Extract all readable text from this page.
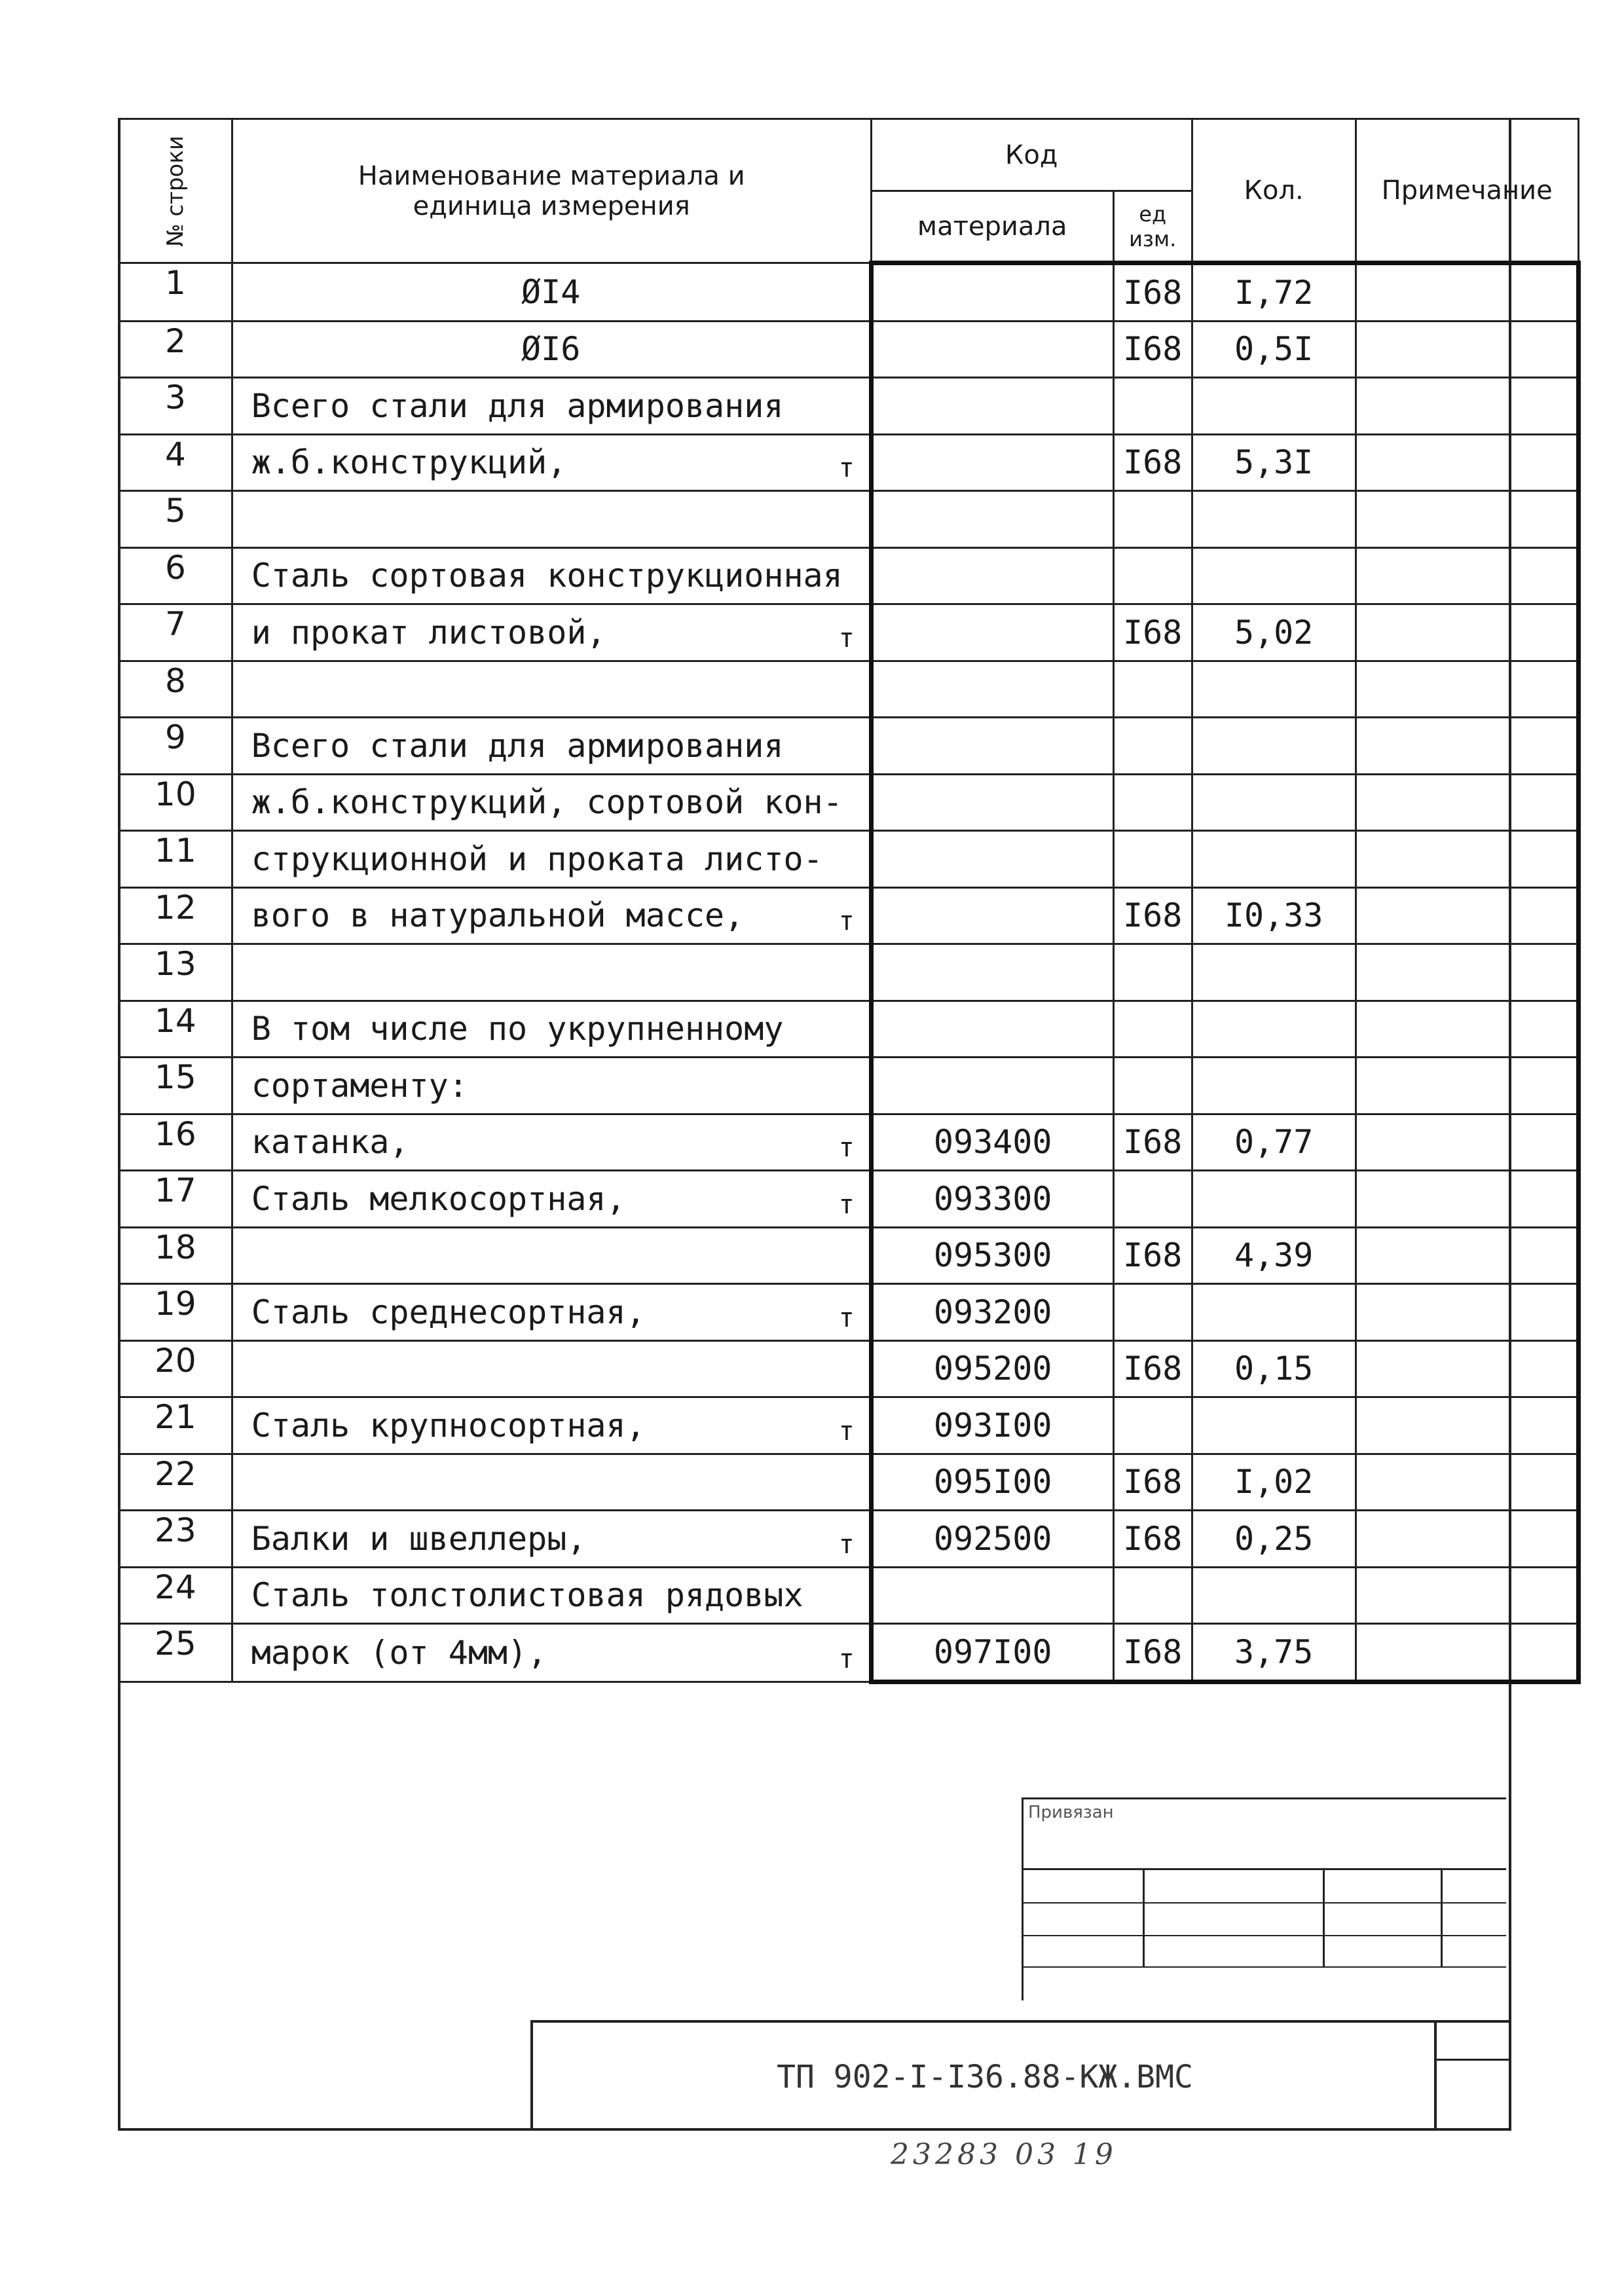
№ строки	Наименование материала и единица измерения	Код		Кол.	Примечание
		материала	ед изм.		
1	ØI4		I68	I,72	
2	ØI6		I68	0,5I	
3	Всего стали для армирования

4	ж.б.конструкций, т		I68	5,3I	
5	

6	Сталь сортовая конструкционная

7	и прокат листовой, т		I68	5,02	
8	

9	Всего стали для армирования

10	ж.б.конструкций, сортовой кон-

11	струкционной и проката листо-

12	вого в натуральной массе, т		I68	I0,33	
13	

14	В том числе по укрупненному

15	сортаменту:

16	катанка, т	093400	I68	0,77	
17	Сталь мелкосортная, т	093300			
18		095300	I68	4,39	
19	Сталь среднесортная, т	093200			
20		095200	I68	0,15	
21	Сталь крупносортная, т	093I00			
22		095I00	I68	I,02	
23	Балки и швеллеры, т	092500	I68	0,25	
24	Сталь толстолистовая рядовых

25	марок (от 4мм), т	097I00	I68	3,75	
Привязан
ТП 902-I-I36.88-КЖ.ВМС
23283 03 19
